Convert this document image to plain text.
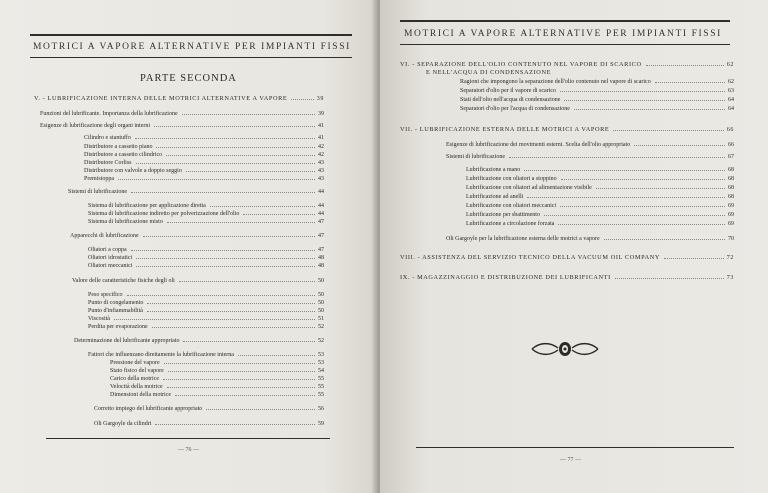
MOTRICI A VAPORE ALTERNATIVE PER IMPIANTI FISSI
PARTE SECONDA
V. - LUBRIFICAZIONE INTERNA DELLE MOTRICI ALTERNATIVE A VAPORE	39
Funzioni del lubrificante. Importanza della lubrificazione	39
Esigenze di lubrificazione degli organi interni	41
Cilindro e stantuffo	41
Distributore a cassetto piano	42
Distributore a cassetto cilindrico	42
Distributore Corliss	43
Distributore con valvole a doppio seggio	43
Premistoppa	43
Sistemi di lubrificazione	44
Sistema di lubrificazione per applicazione diretta	44
Sistema di lubrificazione indiretto per polverizzazione dell'olio	44
Sistema di lubrificazione misto	47
Apparecchi di lubrificazione	47
Oliatori a coppa	47
Oliatori idrostatici	48
Oliatori meccanici	48
Valore delle caratteristiche fisiche degli oli	50
Peso specifico	50
Punto di congelamento	50
Punto d'infiammabilità	50
Viscosità	51
Perdita per evaporazione	52
Determinazione del lubrificante appropriato	52
Fattori che influenzano direttamente la lubrificazione interna	53
Pressione del vapore	53
Stato fisico del vapore	54
Carico della motrice	55
Velocità della motrice	55
Dimensioni della motrice	55
Corretto impiego del lubrificante appropriato	56
Oli Gargoyle da cilindri	59
— 76 —
MOTRICI A VAPORE ALTERNATIVE PER IMPIANTI FISSI
VI. - SEPARAZIONE DELL'OLIO CONTENUTO NEL VAPORE DI SCARICO	62
E NELL'ACQUA DI CONDENSAZIONE
Ragioni che impongono la separazione dell'olio contenuto nel vapore di scarico	62
Separatori d'olio per il vapore di scarico	63
Stati dell'olio nell'acqua di condensazione	64
Separatori d'olio per l'acqua di condensazione	64
VII. - LUBRIFICAZIONE ESTERNA DELLE MOTRICI A VAPORE	66
Esigenze di lubrificazione dei movimenti esterni. Scelta dell'olio appropriato	66
Sistemi di lubrificazione	67
Lubrificazione a mano	68
Lubrificazione con oliatori a stoppino	68
Lubrificazione con oliatori ad alimentazione visibile	68
Lubrificazione ad anelli	68
Lubrificazione con oliatori meccanici	69
Lubrificazione per sbattimento	69
Lubrificazione a circolazione forzata	69
Oli Gargoyle per la lubrificazione esterna delle motrici a vapore	70
VIII. - ASSISTENZA DEL SERVIZIO TECNICO DELLA VACUUM OIL COMPANY	72
IX. - MAGAZZINAGGIO E DISTRIBUZIONE DEI LUBRIFICANTI	73
— 77 —
